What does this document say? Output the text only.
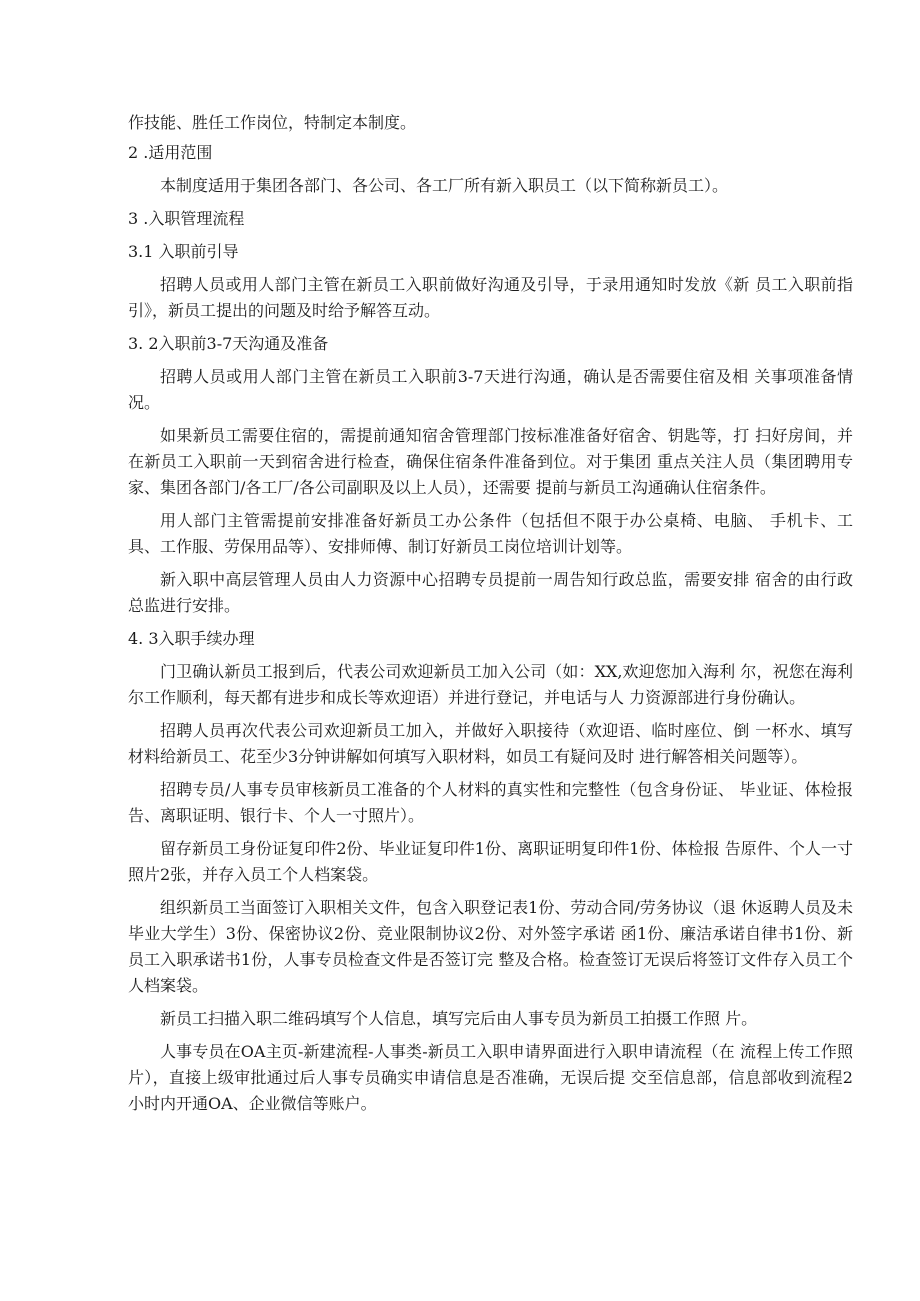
作技能、胜任工作岗位，特制定本制度。

2 .适用范围

本制度适用于集团各部门、各公司、各工厂所有新入职员工（以下简称新员工）。

3 .入职管理流程

3.1 入职前引导

招聘人员或用人部门主管在新员工入职前做好沟通及引导，于录用通知时发放《新 员工入职前指引》，新员工提出的问题及时给予解答互动。

3. 2入职前3-7天沟通及准备

招聘人员或用人部门主管在新员工入职前3-7天进行沟通，确认是否需要住宿及相 关事项准备情况。

如果新员工需要住宿的，需提前通知宿舍管理部门按标准准备好宿舍、钥匙等，打 扫好房间，并在新员工入职前一天到宿舍进行检查，确保住宿条件准备到位。对于集团 重点关注人员（集团聘用专家、集团各部门/各工厂/各公司副职及以上人员），还需要 提前与新员工沟通确认住宿条件。

用人部门主管需提前安排准备好新员工办公条件（包括但不限于办公桌椅、电脑、 手机卡、工具、工作服、劳保用品等）、安排师傅、制订好新员工岗位培训计划等。

新入职中高层管理人员由人力资源中心招聘专员提前一周告知行政总监，需要安排 宿舍的由行政总监进行安排。

4. 3入职手续办理

门卫确认新员工报到后，代表公司欢迎新员工加入公司（如：XX,欢迎您加入海利 尔，祝您在海利尔工作顺利，每天都有进步和成长等欢迎语）并进行登记，并电话与人 力资源部进行身份确认。

招聘人员再次代表公司欢迎新员工加入，并做好入职接待（欢迎语、临时座位、倒 一杯水、填写材料给新员工、花至少3分钟讲解如何填写入职材料，如员工有疑问及时 进行解答相关问题等）。

招聘专员/人事专员审核新员工准备的个人材料的真实性和完整性（包含身份证、 毕业证、体检报告、离职证明、银行卡、个人一寸照片）。

留存新员工身份证复印件2份、毕业证复印件1份、离职证明复印件1份、体检报 告原件、个人一寸照片2张，并存入员工个人档案袋。

组织新员工当面签订入职相关文件，包含入职登记表1份、劳动合同/劳务协议（退 休返聘人员及未毕业大学生）3份、保密协议2份、竞业限制协议2份、对外签字承诺 函1份、廉洁承诺自律书1份、新员工入职承诺书1份，人事专员检查文件是否签订完 整及合格。检查签订无误后将签订文件存入员工个人档案袋。

新员工扫描入职二维码填写个人信息，填写完后由人事专员为新员工拍摄工作照 片。

人事专员在OA主页-新建流程-人事类-新员工入职申请界面进行入职申请流程（在 流程上传工作照片），直接上级审批通过后人事专员确实申请信息是否准确，无误后提 交至信息部，信息部收到流程2小时内开通OA、企业微信等账户。
